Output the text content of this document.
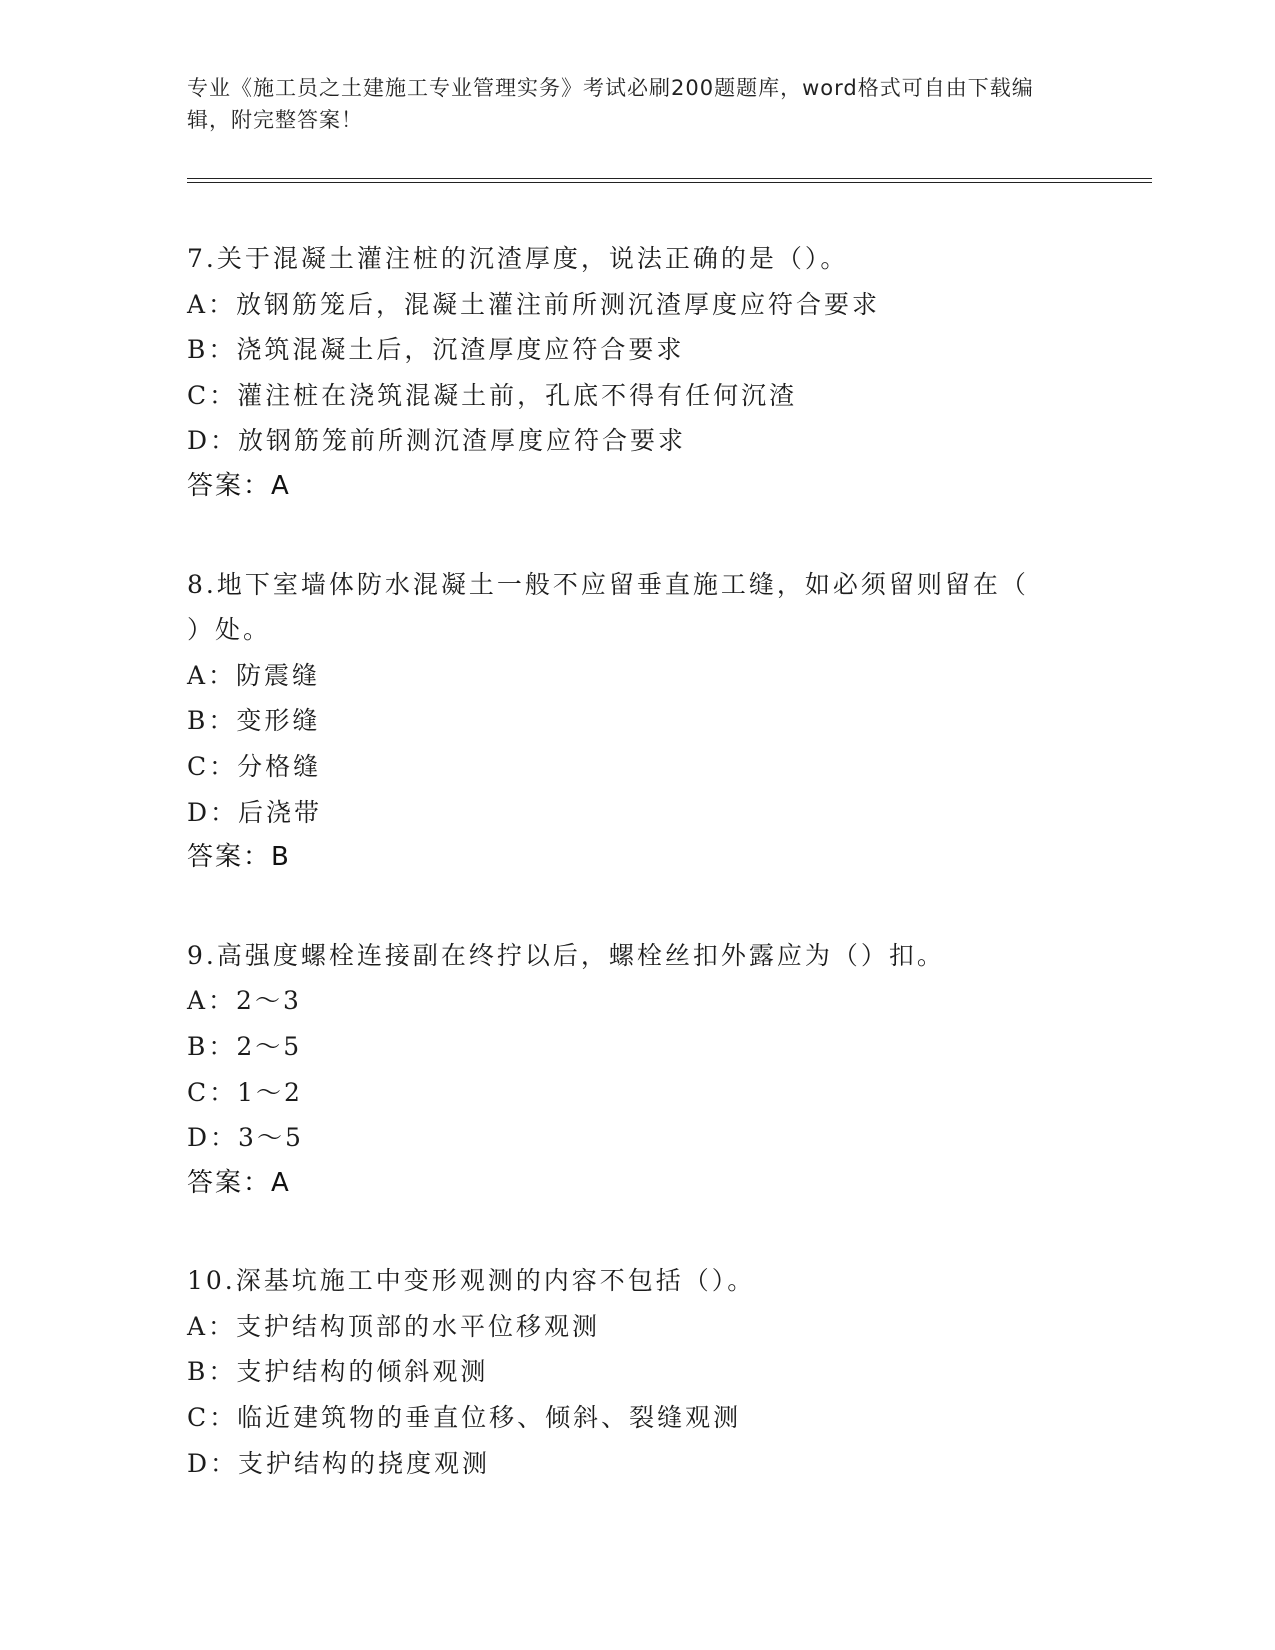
专业《施工员之土建施工专业管理实务》考试必刷200题题库，word格式可自由下载编辑，附完整答案！
7.关于混凝土灌注桩的沉渣厚度，说法正确的是（）。
A：放钢筋笼后，混凝土灌注前所测沉渣厚度应符合要求
B：浇筑混凝土后，沉渣厚度应符合要求
C：灌注桩在浇筑混凝土前，孔底不得有任何沉渣
D：放钢筋笼前所测沉渣厚度应符合要求
答案：A
8.地下室墙体防水混凝土一般不应留垂直施工缝，如必须留则留在（
）处。
A：防震缝
B：变形缝
C：分格缝
D：后浇带
答案：B
9.高强度螺栓连接副在终拧以后，螺栓丝扣外露应为（）扣。
A：2～3
B：2～5
C：1～2
D：3～5
答案：A
10.深基坑施工中变形观测的内容不包括（）。
A：支护结构顶部的水平位移观测
B：支护结构的倾斜观测
C：临近建筑物的垂直位移、倾斜、裂缝观测
D：支护结构的挠度观测
